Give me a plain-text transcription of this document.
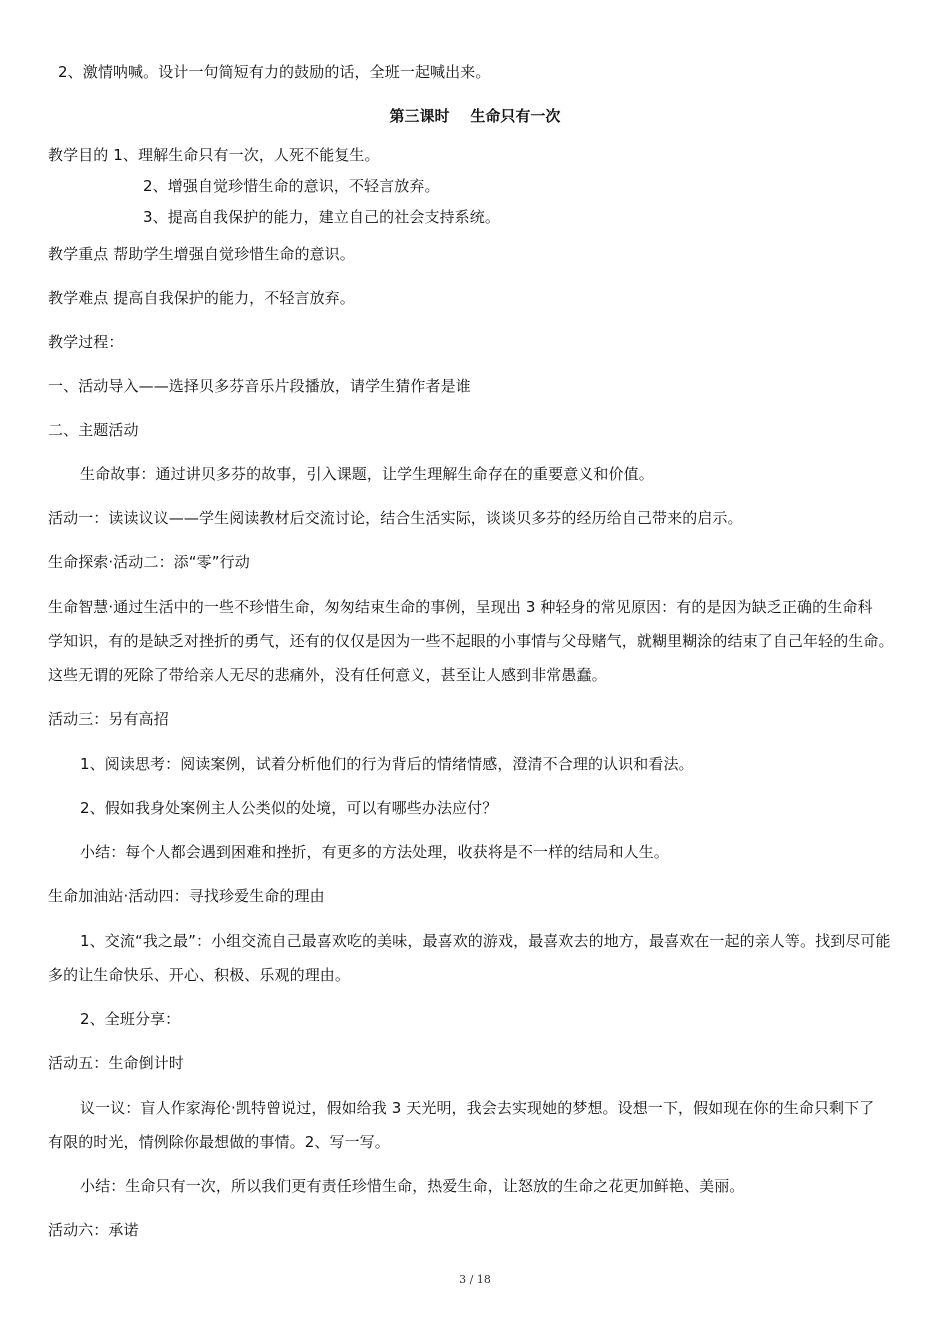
2、激情呐喊。设计一句简短有力的鼓励的话，全班一起喊出来。
第三课时    生命只有一次
教学目的 1、理解生命只有一次，人死不能复生。
2、增强自觉珍惜生命的意识，不轻言放弃。
3、提高自我保护的能力，建立自己的社会支持系统。
教学重点 帮助学生增强自觉珍惜生命的意识。
教学难点 提高自我保护的能力，不轻言放弃。
教学过程：
一、活动导入——选择贝多芬音乐片段播放，请学生猜作者是谁
二、主题活动
生命故事：通过讲贝多芬的故事，引入课题，让学生理解生命存在的重要意义和价值。
活动一：读读议议——学生阅读教材后交流讨论，结合生活实际，谈谈贝多芬的经历给自己带来的启示。
生命探索·活动二：添“零”行动
生命智慧·通过生活中的一些不珍惜生命，匆匆结束生命的事例，呈现出 3 种轻身的常见原因：有的是因为缺乏正确的生命科
学知识，有的是缺乏对挫折的勇气，还有的仅仅是因为一些不起眼的小事情与父母赌气，就糊里糊涂的结束了自己年轻的生命。
这些无谓的死除了带给亲人无尽的悲痛外，没有任何意义，甚至让人感到非常愚蠢。
活动三：另有高招
1、阅读思考：阅读案例，试着分析他们的行为背后的情绪情感，澄清不合理的认识和看法。
2、假如我身处案例主人公类似的处境，可以有哪些办法应付？
小结：每个人都会遇到困难和挫折，有更多的方法处理，收获将是不一样的结局和人生。
生命加油站·活动四：寻找珍爱生命的理由
1、交流“我之最”：小组交流自己最喜欢吃的美味，最喜欢的游戏，最喜欢去的地方，最喜欢在一起的亲人等。找到尽可能
多的让生命快乐、开心、积极、乐观的理由。
2、全班分享：
活动五：生命倒计时
议一议：盲人作家海伦·凯特曾说过，假如给我 3 天光明，我会去实现她的梦想。设想一下，假如现在你的生命只剩下了
有限的时光，情例除你最想做的事情。2、写一写。
小结：生命只有一次，所以我们更有责任珍惜生命，热爱生命，让怒放的生命之花更加鲜艳、美丽。
活动六：承诺
3 / 18
